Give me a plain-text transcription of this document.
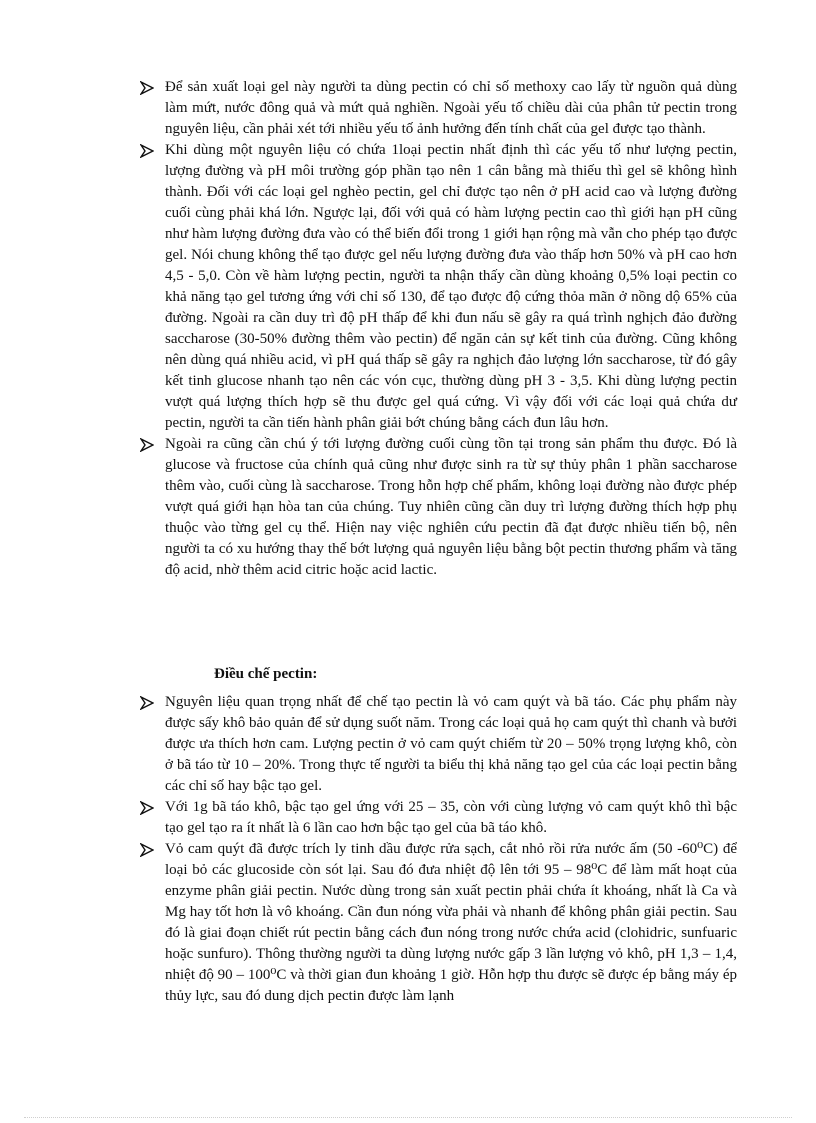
Để sản xuất loại gel này người ta dùng pectin có chỉ số methoxy cao lấy từ nguồn quả dùng làm mứt, nước đông quả và mứt quả nghiền. Ngoài yếu tố chiều dài của phân tử pectin trong nguyên liệu, cần phải xét tới nhiều yếu tố ảnh hưởng đến tính chất của gel được tạo thành.
Khi dùng một nguyên liệu có chứa 1loại pectin nhất định thì các yếu tố như lượng pectin, lượng đường và pH môi trường góp phần tạo nên 1 cân bằng mà thiếu thì gel sẽ không hình thành. Đối với các loại gel nghèo pectin, gel chỉ được tạo nên ở pH acid cao và lượng đường cuối cùng phải khá lớn. Ngược lại, đối với quả có hàm lượng pectin cao thì giới hạn pH cũng như hàm lượng đường đưa vào có thể biến đổi trong 1 giới hạn rộng mà vẫn cho phép tạo được gel. Nói chung không thể tạo được gel nếu lượng đường đưa vào thấp hơn 50% và pH cao hơn 4,5 - 5,0. Còn về hàm lượng pectin, người ta nhận thấy cần dùng khoảng 0,5% loại pectin co khả năng tạo gel tương ứng với chỉ số 130, để tạo được độ cứng thỏa mãn ở nồng dộ 65% của đường. Ngoài ra cần duy trì độ pH thấp để khi đun nấu sẽ gây ra quá trình nghịch đảo đường saccharose (30-50% đường thêm vào pectin) để ngăn cản sự kết tinh của đường. Cũng không nên dùng quá nhiều acid, vì pH quá thấp sẽ gây ra nghịch đảo lượng lớn saccharose, từ đó gây kết tinh glucose nhanh tạo nên các vón cục, thường dùng pH 3 - 3,5. Khi dùng lượng pectin vượt quá lượng thích hợp sẽ thu được gel quá cứng. Vì vậy đối với các loại quả chứa dư pectin, người ta cần tiến hành phân giải bớt chúng bằng cách đun lâu hơn.
Ngoài ra cũng cần chú ý tới lượng đường cuối cùng tồn tại trong sản phẩm thu được. Đó là glucose và fructose của chính quả cũng như được sinh ra từ sự thủy phân 1 phần saccharose thêm vào, cuối cùng là saccharose. Trong hỗn hợp chế phẩm, không loại đường nào được phép vượt quá giới hạn hòa tan của chúng. Tuy nhiên cũng cần duy trì lượng đường thích hợp phụ thuộc vào từng gel cụ thể. Hiện nay việc nghiên cứu pectin đã đạt được nhiều tiến bộ, nên người ta có xu hướng thay thế bớt lượng quả nguyên liệu bằng bột pectin thương phẩm và tăng độ acid, nhờ thêm acid citric hoặc acid lactic.
Điều chế pectin:
Nguyên liệu quan trọng nhất để chế tạo pectin là vỏ cam quýt và bã táo. Các phụ phẩm này được sấy khô bảo quản để sử dụng suốt năm. Trong các loại quả họ cam quýt thì chanh và bưởi được ưa thích hơn cam. Lượng pectin ở vỏ cam quýt chiếm từ 20 – 50% trọng lượng khô, còn ở bã táo từ 10 – 20%. Trong thực tế người ta biểu thị khả năng tạo gel của các loại pectin bằng các chỉ số hay bậc tạo gel.
Với 1g bã táo khô, bậc tạo gel ứng với 25 – 35, còn với cùng lượng vỏ cam quýt khô thì bậc tạo gel tạo ra ít nhất là 6 lần cao hơn bậc tạo gel của bã táo khô.
Vỏ cam quýt đã được trích ly tinh dầu được rửa sạch, cắt nhỏ rồi rửa nước ấm (50 -60⁰C) để loại bỏ các glucoside còn sót lại. Sau đó đưa nhiệt độ lên tới 95 – 98⁰C để làm mất hoạt của enzyme phân giải pectin. Nước dùng trong sản xuất pectin phải chứa ít khoáng, nhất là Ca và Mg hay tốt hơn là vô khoáng. Cần đun nóng vừa phải và nhanh để không phân giải pectin. Sau đó là giai đoạn chiết rút pectin bằng cách đun nóng trong nước chứa acid (clohidric, sunfuaric hoặc sunfuro). Thông thường người ta dùng lượng nước gấp 3 lần lượng vỏ khô, pH 1,3 – 1,4, nhiệt độ 90 – 100⁰C và thời gian đun khoảng 1 giờ. Hỗn hợp thu được sẽ được ép bằng máy ép thủy lực, sau đó dung dịch pectin được làm lạnh
